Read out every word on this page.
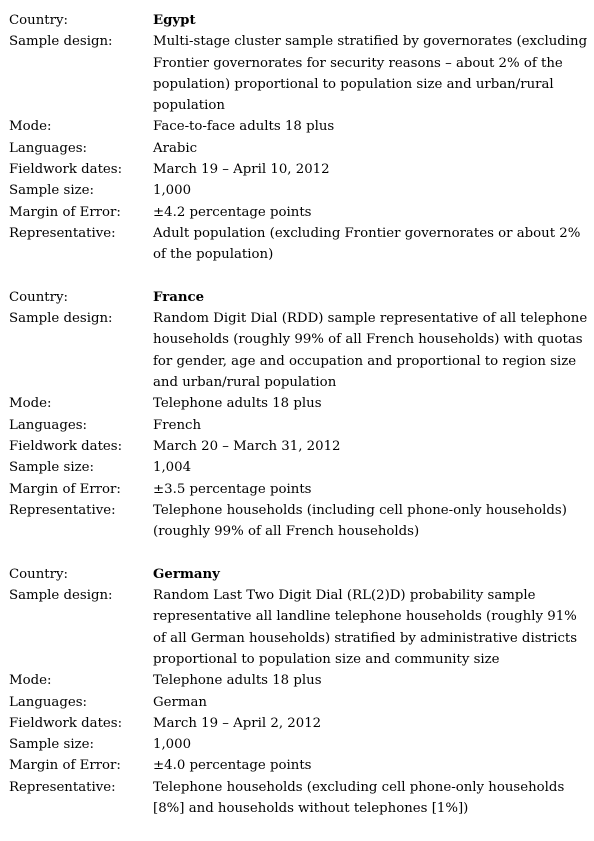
Country:	Egypt
Sample design:	Multi-stage cluster sample stratified by governorates (excluding Frontier governorates for security reasons – about 2% of the population) proportional to population size and urban/rural population
Mode:	Face-to-face adults 18 plus
Languages:	Arabic
Fieldwork dates:	March 19 – April 10, 2012
Sample size:	1,000
Margin of Error:	±4.2 percentage points
Representative:	Adult population (excluding Frontier governorates or about 2% of the population)
Country:	France
Sample design:	Random Digit Dial (RDD) sample representative of all telephone households (roughly 99% of all French households) with quotas for gender, age and occupation and proportional to region size and urban/rural population
Mode:	Telephone adults 18 plus
Languages:	French
Fieldwork dates:	March 20 – March 31, 2012
Sample size:	1,004
Margin of Error:	±3.5 percentage points
Representative:	Telephone households (including cell phone-only households) (roughly 99% of all French households)
Country:	Germany
Sample design:	Random Last Two Digit Dial (RL(2)D) probability sample representative all landline telephone households (roughly 91% of all German households) stratified by administrative districts proportional to population size and community size
Mode:	Telephone adults 18 plus
Languages:	German
Fieldwork dates:	March 19 – April 2, 2012
Sample size:	1,000
Margin of Error:	±4.0 percentage points
Representative:	Telephone households (excluding cell phone-only households [8%] and households without telephones [1%])
